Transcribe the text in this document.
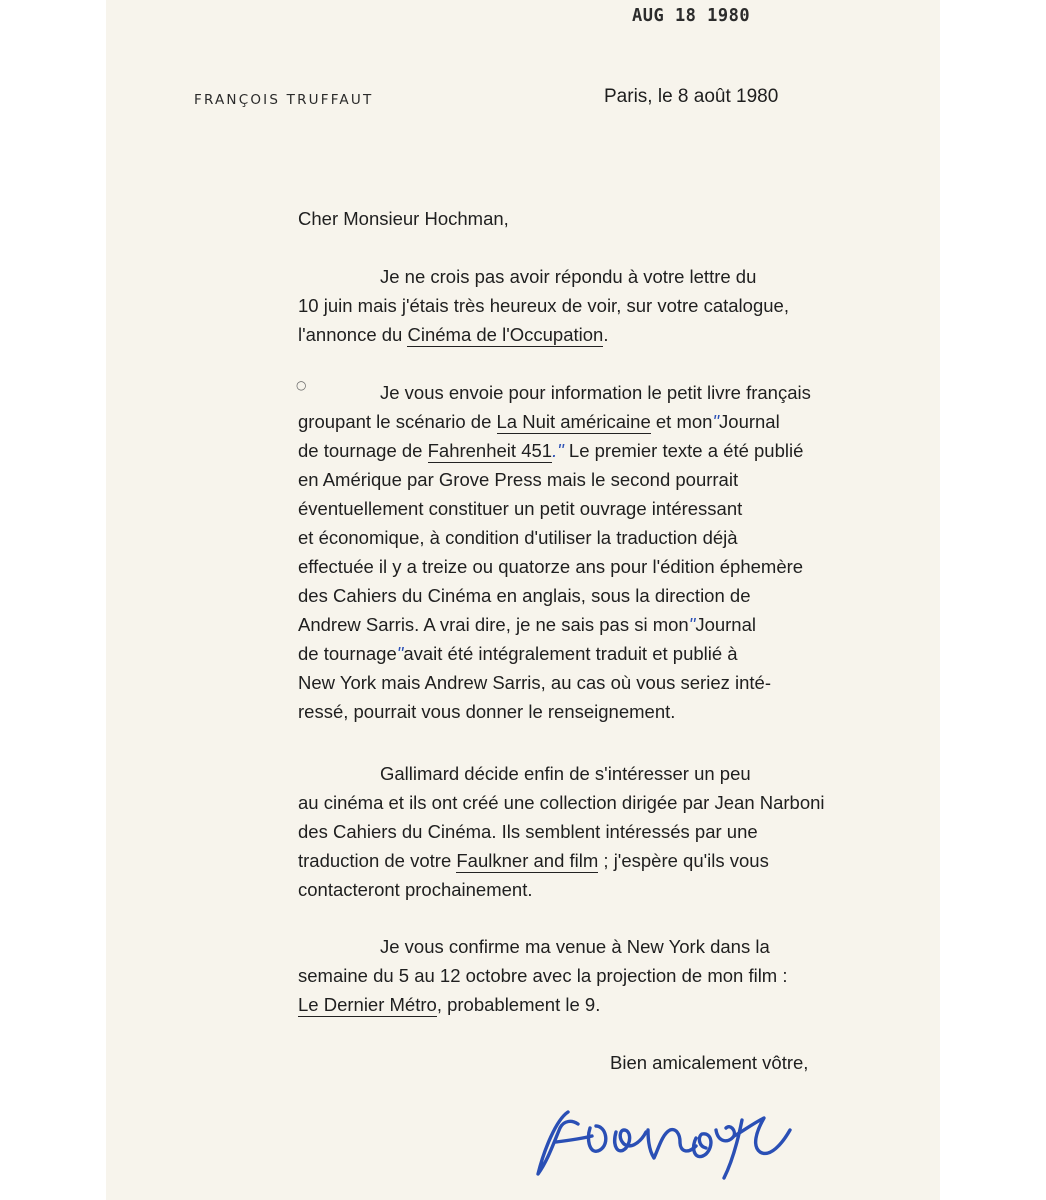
AUG 18 1980
FRANÇOIS TRUFFAUT	Paris, le 8 août 1980
Cher Monsieur Hochman,
Je ne crois pas avoir répondu à votre lettre du
10 juin mais j'étais très heureux de voir, sur votre catalogue,
l'annonce du Cinéma de l'Occupation.
○	Je vous envoie pour information le petit livre français
groupant le scénario de La Nuit américaine et mon"Journal
de tournage de Fahrenheit 451." Le premier texte a été publié
en Amérique par Grove Press mais le second pourrait
éventuellement constituer un petit ouvrage intéressant
et économique, à condition d'utiliser la traduction déjà
effectuée il y a treize ou quatorze ans pour l'édition éphemère
des Cahiers du Cinéma en anglais, sous la direction de
Andrew Sarris. A vrai dire, je ne sais pas si mon"Journal
de tournage"avait été intégralement traduit et publié à
New York mais Andrew Sarris, au cas où vous seriez inté-
ressé, pourrait vous donner le renseignement.
Gallimard décide enfin de s'intéresser un peu
au cinéma et ils ont créé une collection dirigée par Jean Narboni
des Cahiers du Cinéma. Ils semblent intéressés par une
traduction de votre Faulkner and film ; j'espère qu'ils vous
contacteront prochainement.
Je vous confirme ma venue à New York dans la
semaine du 5 au 12 octobre avec la projection de mon film :
Le Dernier Métro, probablement le 9.
Bien amicalement vôtre,
